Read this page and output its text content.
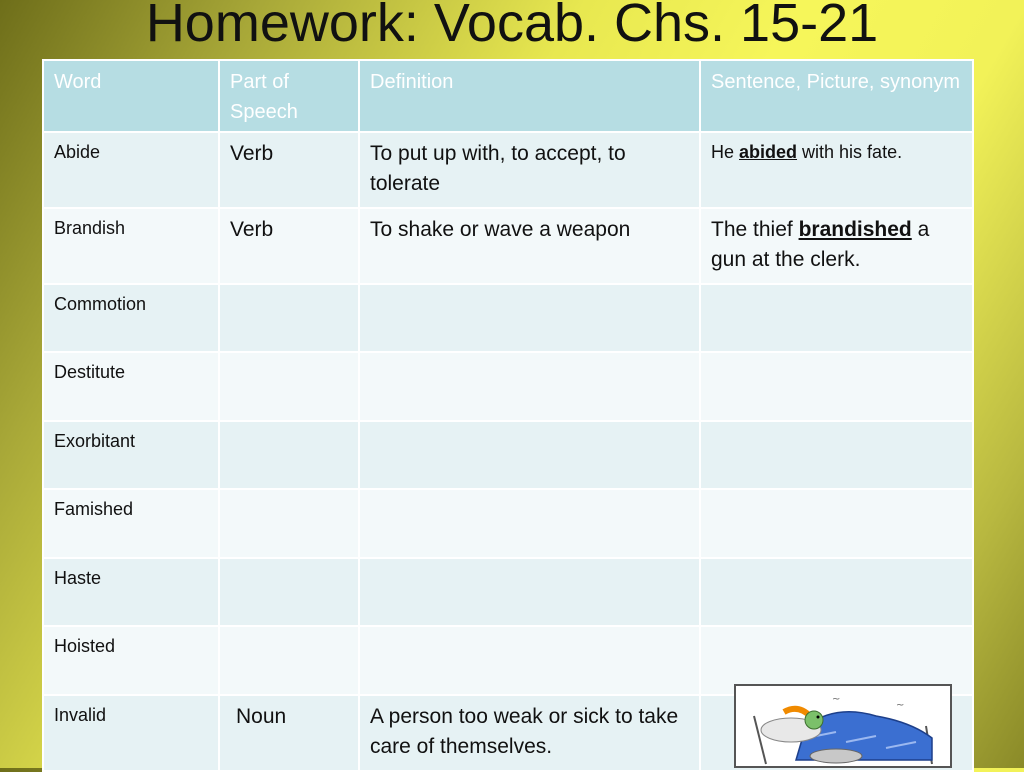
Homework: Vocab. Chs. 15-21
Word	Part of Speech	Definition	Sentence, Picture, synonym
Abide	Verb	To put up with, to accept, to tolerate	He abided with his fate.
Brandish	Verb	To shake or wave a weapon	The thief brandished a gun at the clerk.
Commotion			
Destitute			
Exorbitant			
Famished			
Haste			
Hoisted			
Invalid	Noun	A person too weak or sick to take care of themselves.	
~
~
